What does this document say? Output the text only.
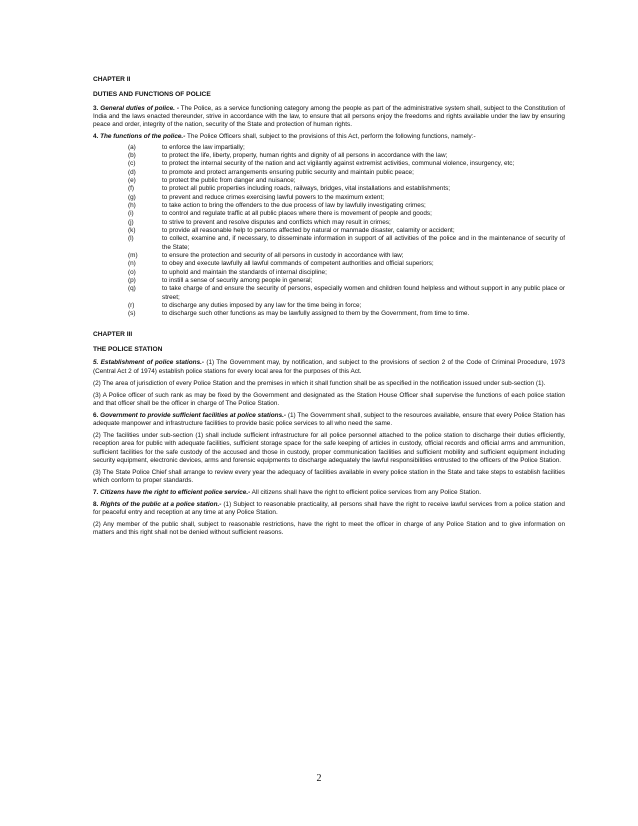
CHAPTER II

DUTIES AND FUNCTIONS OF POLICE

3. General duties of police. - The Police, as a service functioning category among the people as part of the administrative system shall, subject to the Constitution of India and the laws enacted thereunder, strive in accordance with the law, to ensure that all persons enjoy the freedoms and rights available under the law by ensuring peace and order, integrity of the nation, security of the State and protection of human rights.

4. The functions of the police.- The Police Officers shall, subject to the provisions of this Act, perform the following functions, namely:-

(a)	to enforce the law impartially;
(b)	to protect the life, liberty, property, human rights and dignity of all persons in accordance with the law;
(c)	to protect the internal security of the nation and act vigilantly against extremist activities, communal violence, insurgency, etc;
(d)	to promote and protect arrangements ensuring public security and maintain public peace;
(e)	to protect the public from danger and nuisance;
(f)	to protect all public properties including roads, railways, bridges, vital installations and establishments;
(g)	to prevent and reduce crimes exercising lawful powers to the maximum extent;
(h)	to take action to bring the offenders to the due process of law by lawfully investigating crimes;
(i)	to control and regulate traffic at all public places where there is movement of people and goods;
(j)	to strive to prevent and resolve disputes and conflicts which may result in crimes;
(k)	to provide all reasonable help to persons affected by natural or manmade disaster, calamity or accident;
(l)	to collect, examine and, if necessary, to disseminate information in support of all activities of the police and in the maintenance of security of the State;
(m)	to ensure the protection and security of all persons in custody in accordance with law;
(n)	to obey and execute lawfully all lawful commands of competent authorities and official superiors;
(o)	to uphold and maintain the standards of internal discipline;
(p)	to instill a sense of security among people in general;
(q)	to take charge of and ensure the security of persons, especially women and children found helpless and without support in any public place or street;
(r)	to discharge any duties imposed by any law for the time being in force;
(s)	to discharge such other functions as may be lawfully assigned to them by the Government, from time to time.

CHAPTER III

THE POLICE STATION

5. Establishment of police stations.- (1) The Government may, by notification, and subject to the provisions of section 2 of the Code of Criminal Procedure, 1973 (Central Act 2 of 1974) establish police stations for every local area for the purposes of this Act.

(2) The area of jurisdiction of every Police Station and the premises in which it shall function shall be as specified in the notification issued under sub-section (1).

(3) A Police officer of such rank as may be fixed by the Government and designated as the Station House Officer shall supervise the functions of each police station and that officer shall be the officer in charge of The Police Station.

6. Government to provide sufficient facilities at police stations.- (1) The Government shall, subject to the resources available, ensure that every Police Station has adequate manpower and infrastructure facilities to provide basic police services to all who need the same.

(2) The facilities under sub-section (1) shall include sufficient infrastructure for all police personnel attached to the police station to discharge their duties efficiently, reception area for public with adequate facilities, sufficient storage space for the safe keeping of articles in custody, official records and official arms and ammunition, sufficient facilities for the safe custody of the accused and those in custody, proper communication facilities and sufficient mobility and sufficient equipment including security equipment, electronic devices, arms and forensic equipments to discharge adequately the lawful responsibilities entrusted to the officers of the Police Station.

(3) The State Police Chief shall arrange to review every year the adequacy of facilities available in every police station in the State and take steps to establish facilities which conform to proper standards.

7. Citizens have the right to efficient police service.- All citizens shall have the right to efficient police services from any Police Station.

8. Rights of the public at a police station.- (1) Subject to reasonable practicality, all persons shall have the right to receive lawful services from a police station and for peaceful entry and reception at any time at any Police Station.

(2) Any member of the public shall, subject to reasonable restrictions, have the right to meet the officer in charge of any Police Station and to give information on matters and this right shall not be denied without sufficient reasons.

2
